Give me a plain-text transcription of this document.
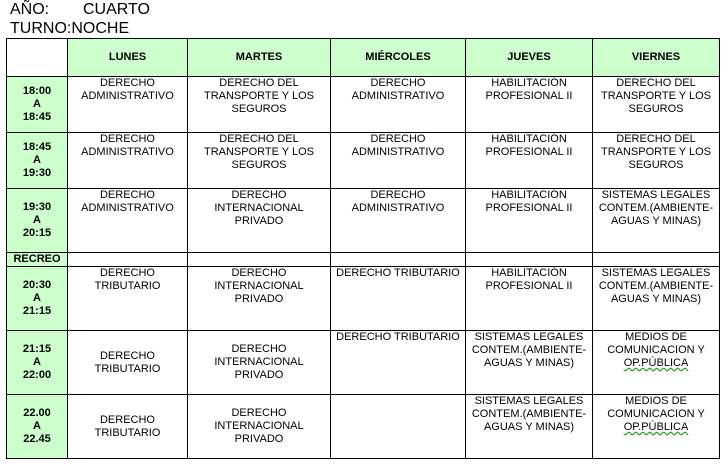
AÑO: CUARTO
TURNO:NOCHE
	LUNES	MARTES	MIÉRCOLES	JUEVES	VIERNES

18:00
A
18:45	DERECHO
ADMINISTRATIVO	DERECHO DEL
TRANSPORTE Y LOS
SEGUROS	DERECHO
ADMINISTRATIVO	HABILITACIÓN
PROFESIONAL II	DERECHO DEL
TRANSPORTE Y LOS
SEGUROS

18:45
A
19:30	DERECHO
ADMINISTRATIVO	DERECHO DEL
TRANSPORTE Y LOS
SEGUROS	DERECHO
ADMINISTRATIVO	HABILITACIÓN
PROFESIONAL II	DERECHO DEL
TRANSPORTE Y LOS
SEGUROS

19:30
A
20:15	DERECHO
ADMINISTRATIVO	DERECHO
INTERNACIONAL
PRIVADO	DERECHO
ADMINISTRATIVO	HABILITACIÓN
PROFESIONAL II	SISTEMAS LEGALES
CONTEM.(AMBIENTE-
AGUAS Y MINAS)

RECREO					

20:30
A
21:15	DERECHO
TRIBUTARIO	DERECHO
INTERNACIONAL
PRIVADO	DERECHO TRIBUTARIO	HABILITACIÓN
PROFESIONAL II	SISTEMAS LEGALES
CONTEM.(AMBIENTE-
AGUAS Y MINAS)

21:15
A
22:00	DERECHO
TRIBUTARIO	DERECHO
INTERNACIONAL
PRIVADO	DERECHO TRIBUTARIO	SISTEMAS LEGALES
CONTEM.(AMBIENTE-
AGUAS Y MINAS)	MEDIOS DE
COMUNICACION Y
OP.PÚBLICA

22.00
A
22.45	DERECHO
TRIBUTARIO	DERECHO
INTERNACIONAL
PRIVADO		SISTEMAS LEGALES
CONTEM.(AMBIENTE-
AGUAS Y MINAS)	MEDIOS DE
COMUNICACION Y
OP.PÚBLICA
